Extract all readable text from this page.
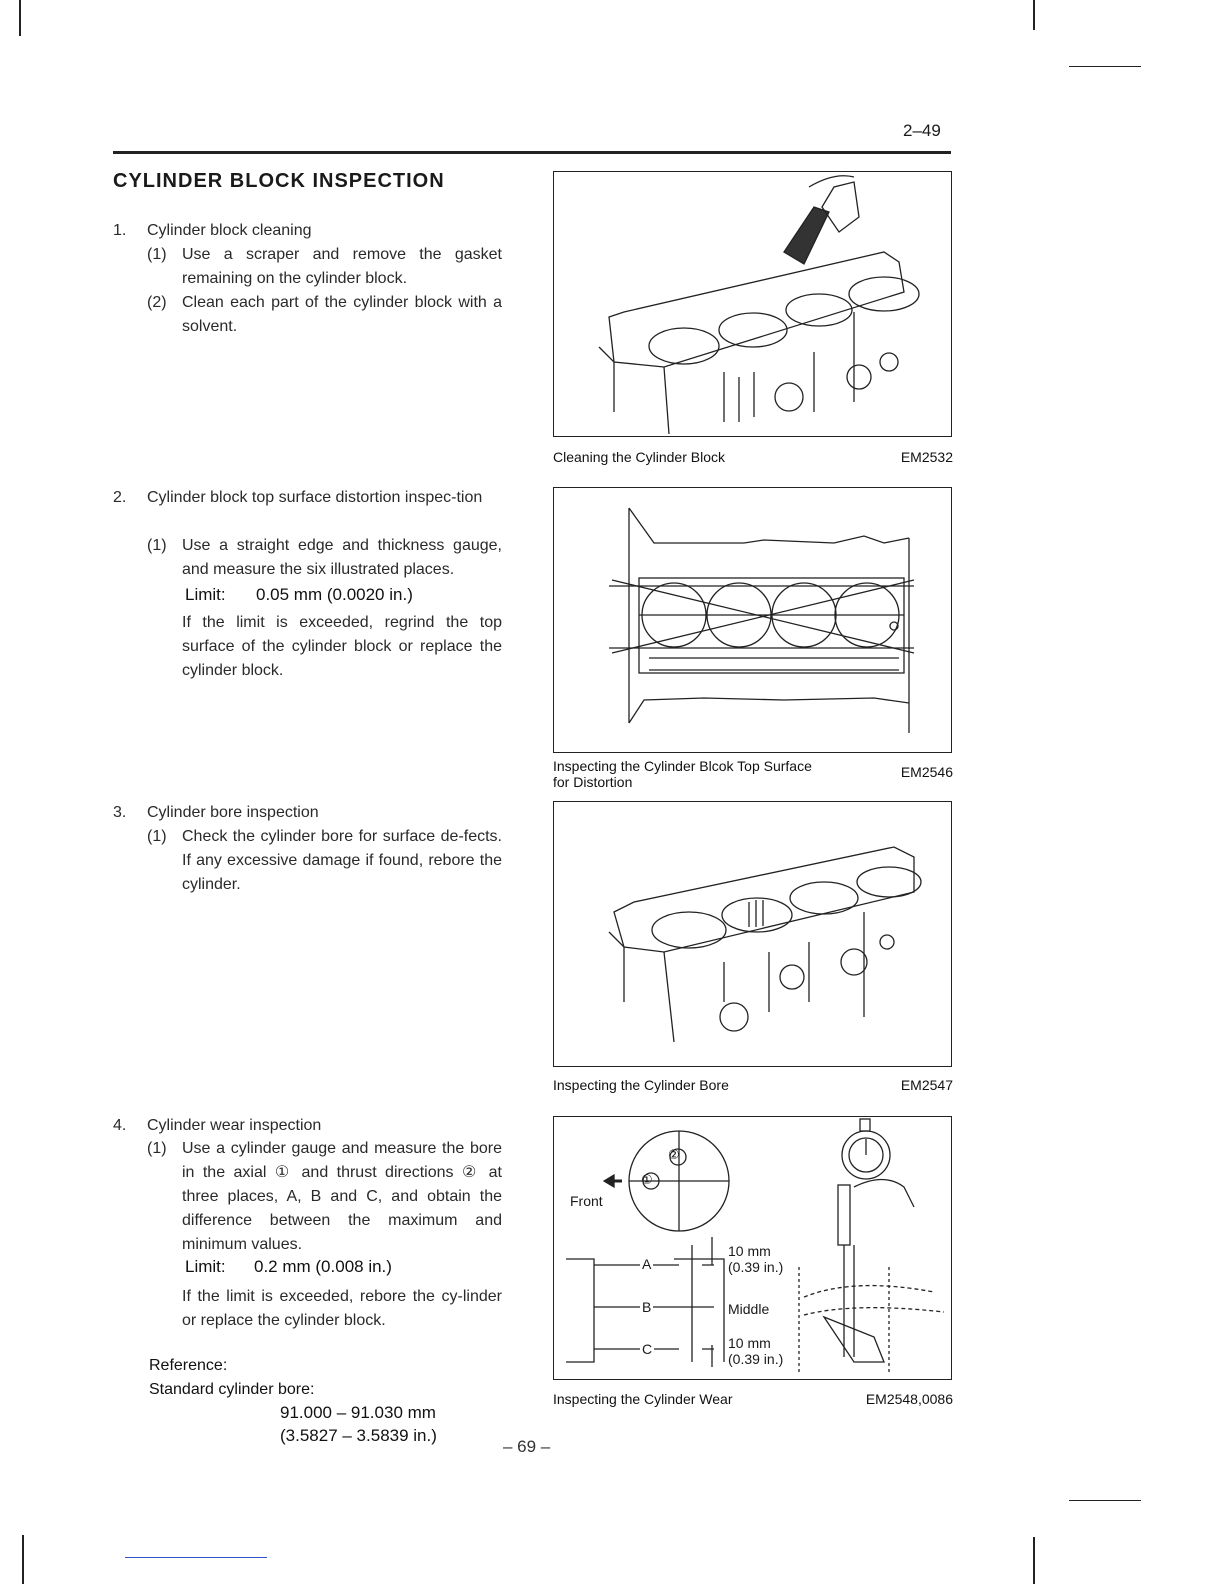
2–49
CYLINDER BLOCK INSPECTION
1. Cylinder block cleaning
(1) Use a scraper and remove the gasket remaining on the cylinder block.
(2) Clean each part of the cylinder block with a solvent.
2. Cylinder block top surface distortion inspec-tion
(1) Use a straight edge and thickness gauge, and measure the six illustrated places.
Limit: 0.05 mm (0.0020 in.)
If the limit is exceeded, regrind the top surface of the cylinder block or replace the cylinder block.
3. Cylinder bore inspection
(1) Check the cylinder bore for surface de-fects. If any excessive damage if found, rebore the cylinder.
4. Cylinder wear inspection
(1) Use a cylinder gauge and measure the bore in the axial ① and thrust directions ② at three places, A, B and C, and obtain the difference between the maximum and minimum values.
Limit: 0.2 mm (0.008 in.)
If the limit is exceeded, rebore the cy-linder or replace the cylinder block.
Reference:
Standard cylinder bore:
91.000 – 91.030 mm
(3.5827 – 3.5839 in.)
Cleaning the Cylinder Block	EM2532
Inspecting the Cylinder Blcok Top Surface for Distortion
EM2546
Inspecting the Cylinder Bore	EM2547
Front
②
①
A
B
C
10 mm
(0.39 in.)
Middle
10 mm
(0.39 in.)
Inspecting the Cylinder Wear	EM2548,0086
– 69 –
